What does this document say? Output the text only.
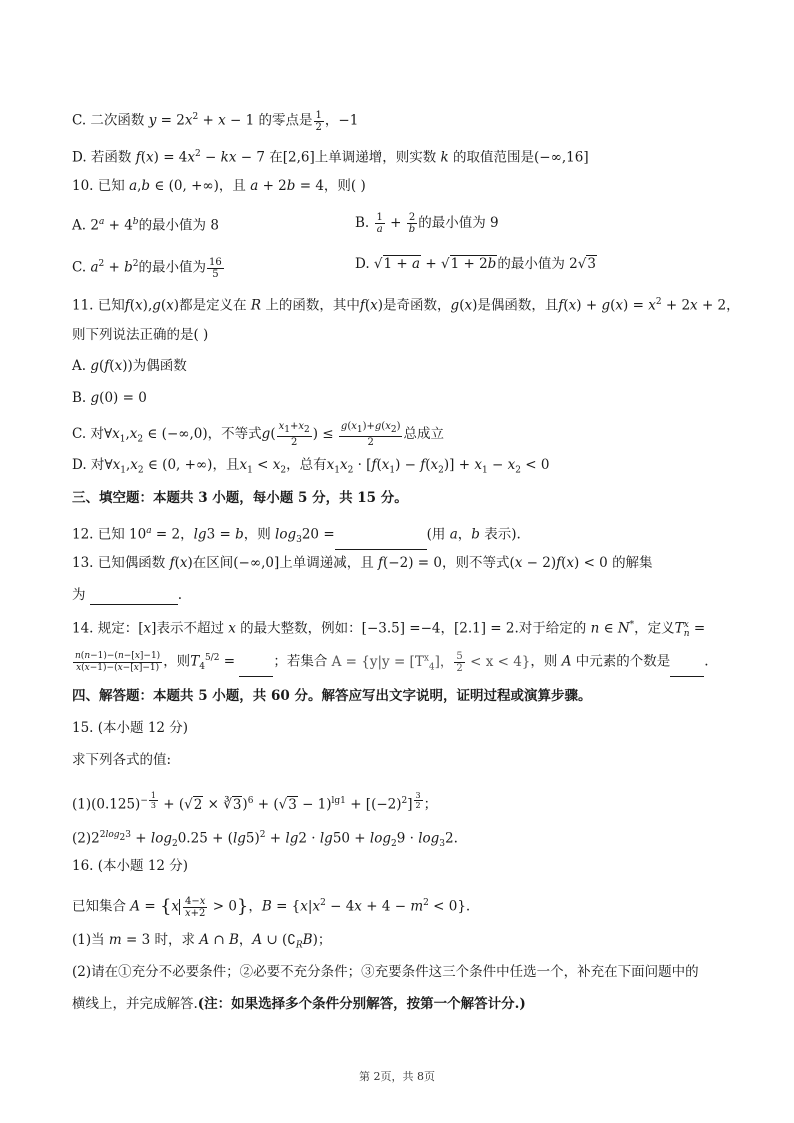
C. 二次函数 $y = 2x^2 + x - 1$ 的零点是 $\frac{1}{2}$ ，−1
D. 若函数 $f(x) = 4x^2$ − kx − 7 在[2,6]上单调递增，则实数 k 的取值范围是(−∞,16]
10. 已知 a,b ∈ (0, +∞)，且 a + 2b = 4，则( )
A. $2^a + 4^b$的最小值为 8	B. $\frac{1}{a} + \frac{2}{b}$ 的最小值为 9
C. $a^2 + b^2$的最小值为 $\frac{16}{5}$	D. √1 + a + √1 + 2b的最小值为 2√3
11. 已知f(x),g(x)都是定义在 R 上的函数，其中f(x)是奇函数，g(x)是偶函数，且$f(x) + g(x) = x^2 + 2x + 2$，
则下列说法正确的是( )
A. g(f(x))为偶函数
B. g(0) = 0
C. 对$\forall x_1,x_2$ ∈ (−∞,0)，不等式$g( \frac{x_1+x_2}{2}$ ) ≤ $\frac{g(x_1)+g(x_2)}{2}$ 总成立
D. 对$\forall x_1,x_2$ ∈ (0, +∞)，且$x_1 < x_2$，总有$x_1x_2 \cdot [f(x_1) - f(x_2)] + x_1 - x_2 < 0$
三、填空题：本题共 3 小题，每小题 5 分，共 15 分。
12. 已知 $10^a = 2$，lg3 = b，则 $\log_320$ =	(用 a，b 表示).
13. 已知偶函数 f(x)在区间(−∞,0]上单调递减，且 f(−2) = 0，则不等式(x − 2)f(x) < 0 的解集
为	.
14. 规定：[x]表示不超过 x 的最大整数，例如：[−3.5] =−4，[2.1] = 2.对于给定的 n ∈ N*，定义$T^x_n$ =
$\frac{n(n-1)-(n-[x]-1)}{x(x-1)-(x-[x]-1)}$ ，则$T_4^{5/2}$ =	；若集合 $A = \{y|y = [T^x_4]$， $\frac{5}{2} < x < 4$}，则 A 中元素的个数是	.
四、解答题：本题共 5 小题，共 60 分。解答应写出文字说明，证明过程或演算步骤。
15. (本小题 12 分)
求下列各式的值:
$(1)(0.125)^{- \frac{1}{3}} + (√2$ × ∛3)$^6$ + $(√3 - 1)^{lg1} + [(-2)^2]$ $^{\frac{3}{2}}$ ；
$(2)2^{2log_23} + \log_20.25 + (\lg 5)^2 + \lg 2 \cdot \lg 50 + \log_29 \cdot \log_32$.
16. (本小题 12 分)
已知集合 $A = \{x \frac{4-x}{x+2} > 0\}$，$B = \{x|x^2 - 4x + 4 - m^2 < 0\}$.
(1)当 m = 3 时，求 A ∩ B，A ∪ $(∁_RB)$；
(2)请在①充分不必要条件；②必要不充分条件；③充要条件这三个条件中任选一个，补充在下面问题中的
横线上，并完成解答.(注：如果选择多个条件分别解答，按第一个解答计分.)
第 2页，共 8页
